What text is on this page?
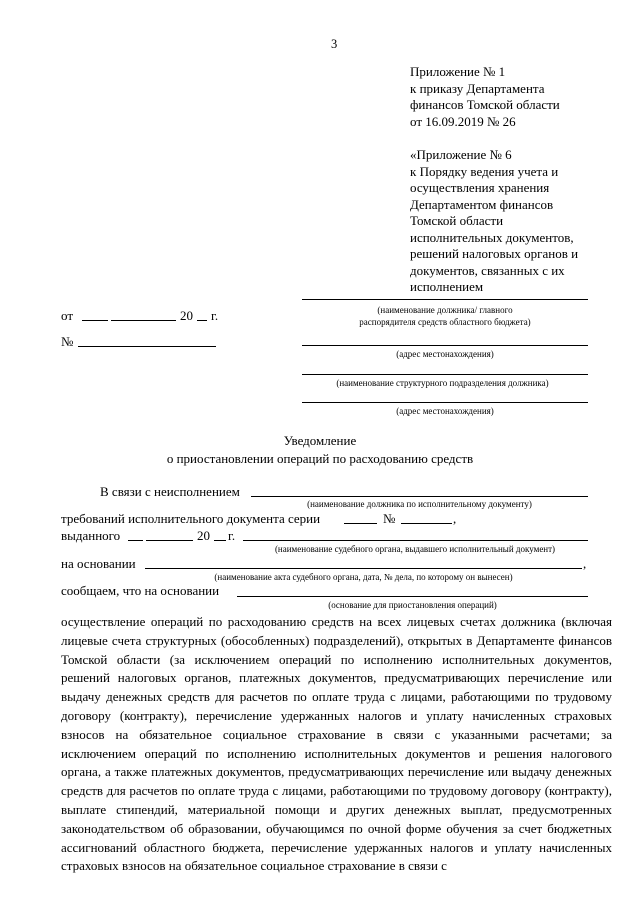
3
Приложение № 1
к приказу Департамента
финансов Томской области
от 16.09.2019 № 26
«Приложение № 6
к Порядку ведения учета и
осуществления хранения
Департаментом финансов
Томской области
исполнительных документов,
решений налоговых органов и
документов, связанных с их
исполнением
(наименование должника/ главного
распорядителя средств областного бюджета)
(адрес местонахождения)
(наименование структурного подразделения должника)
(адрес местонахождения)
от	20 г.
№
Уведомление
о приостановлении операций по расходованию средств
В связи с неисполнением
(наименование должника по исполнительному документу)
требований исполнительного документа серии	№	,
выданного	20 г.
(наименование судебного органа, выдавшего исполнительный документ)
на основании	,
(наименование акта судебного органа, дата, № дела, по которому он вынесен)
сообщаем, что на основании
(основание для приостановления операций)
осуществление операций по расходованию средств на всех лицевых счетах должника (включая лицевые счета структурных (обособленных) подразделений), открытых в Департаменте финансов Томской области (за исключением операций по исполнению исполнительных документов, решений налоговых органов, платежных документов, предусматривающих перечисление или выдачу денежных средств для расчетов по оплате труда с лицами, работающими по трудовому договору (контракту), перечисление удержанных налогов и уплату начисленных страховых взносов на обязательное социальное страхование в связи с указанными расчетами; за исключением операций по исполнению исполнительных документов и решения налогового органа, а также платежных документов, предусматривающих перечисление или выдачу денежных средств для расчетов по оплате труда с лицами, работающими по трудовому договору (контракту), выплате стипендий, материальной помощи и других денежных выплат, предусмотренных законодательством об образовании, обучающимся по очной форме обучения за счет бюджетных ассигнований областного бюджета, перечисление удержанных налогов и уплату начисленных страховых взносов на обязательное социальное страхование в связи с
